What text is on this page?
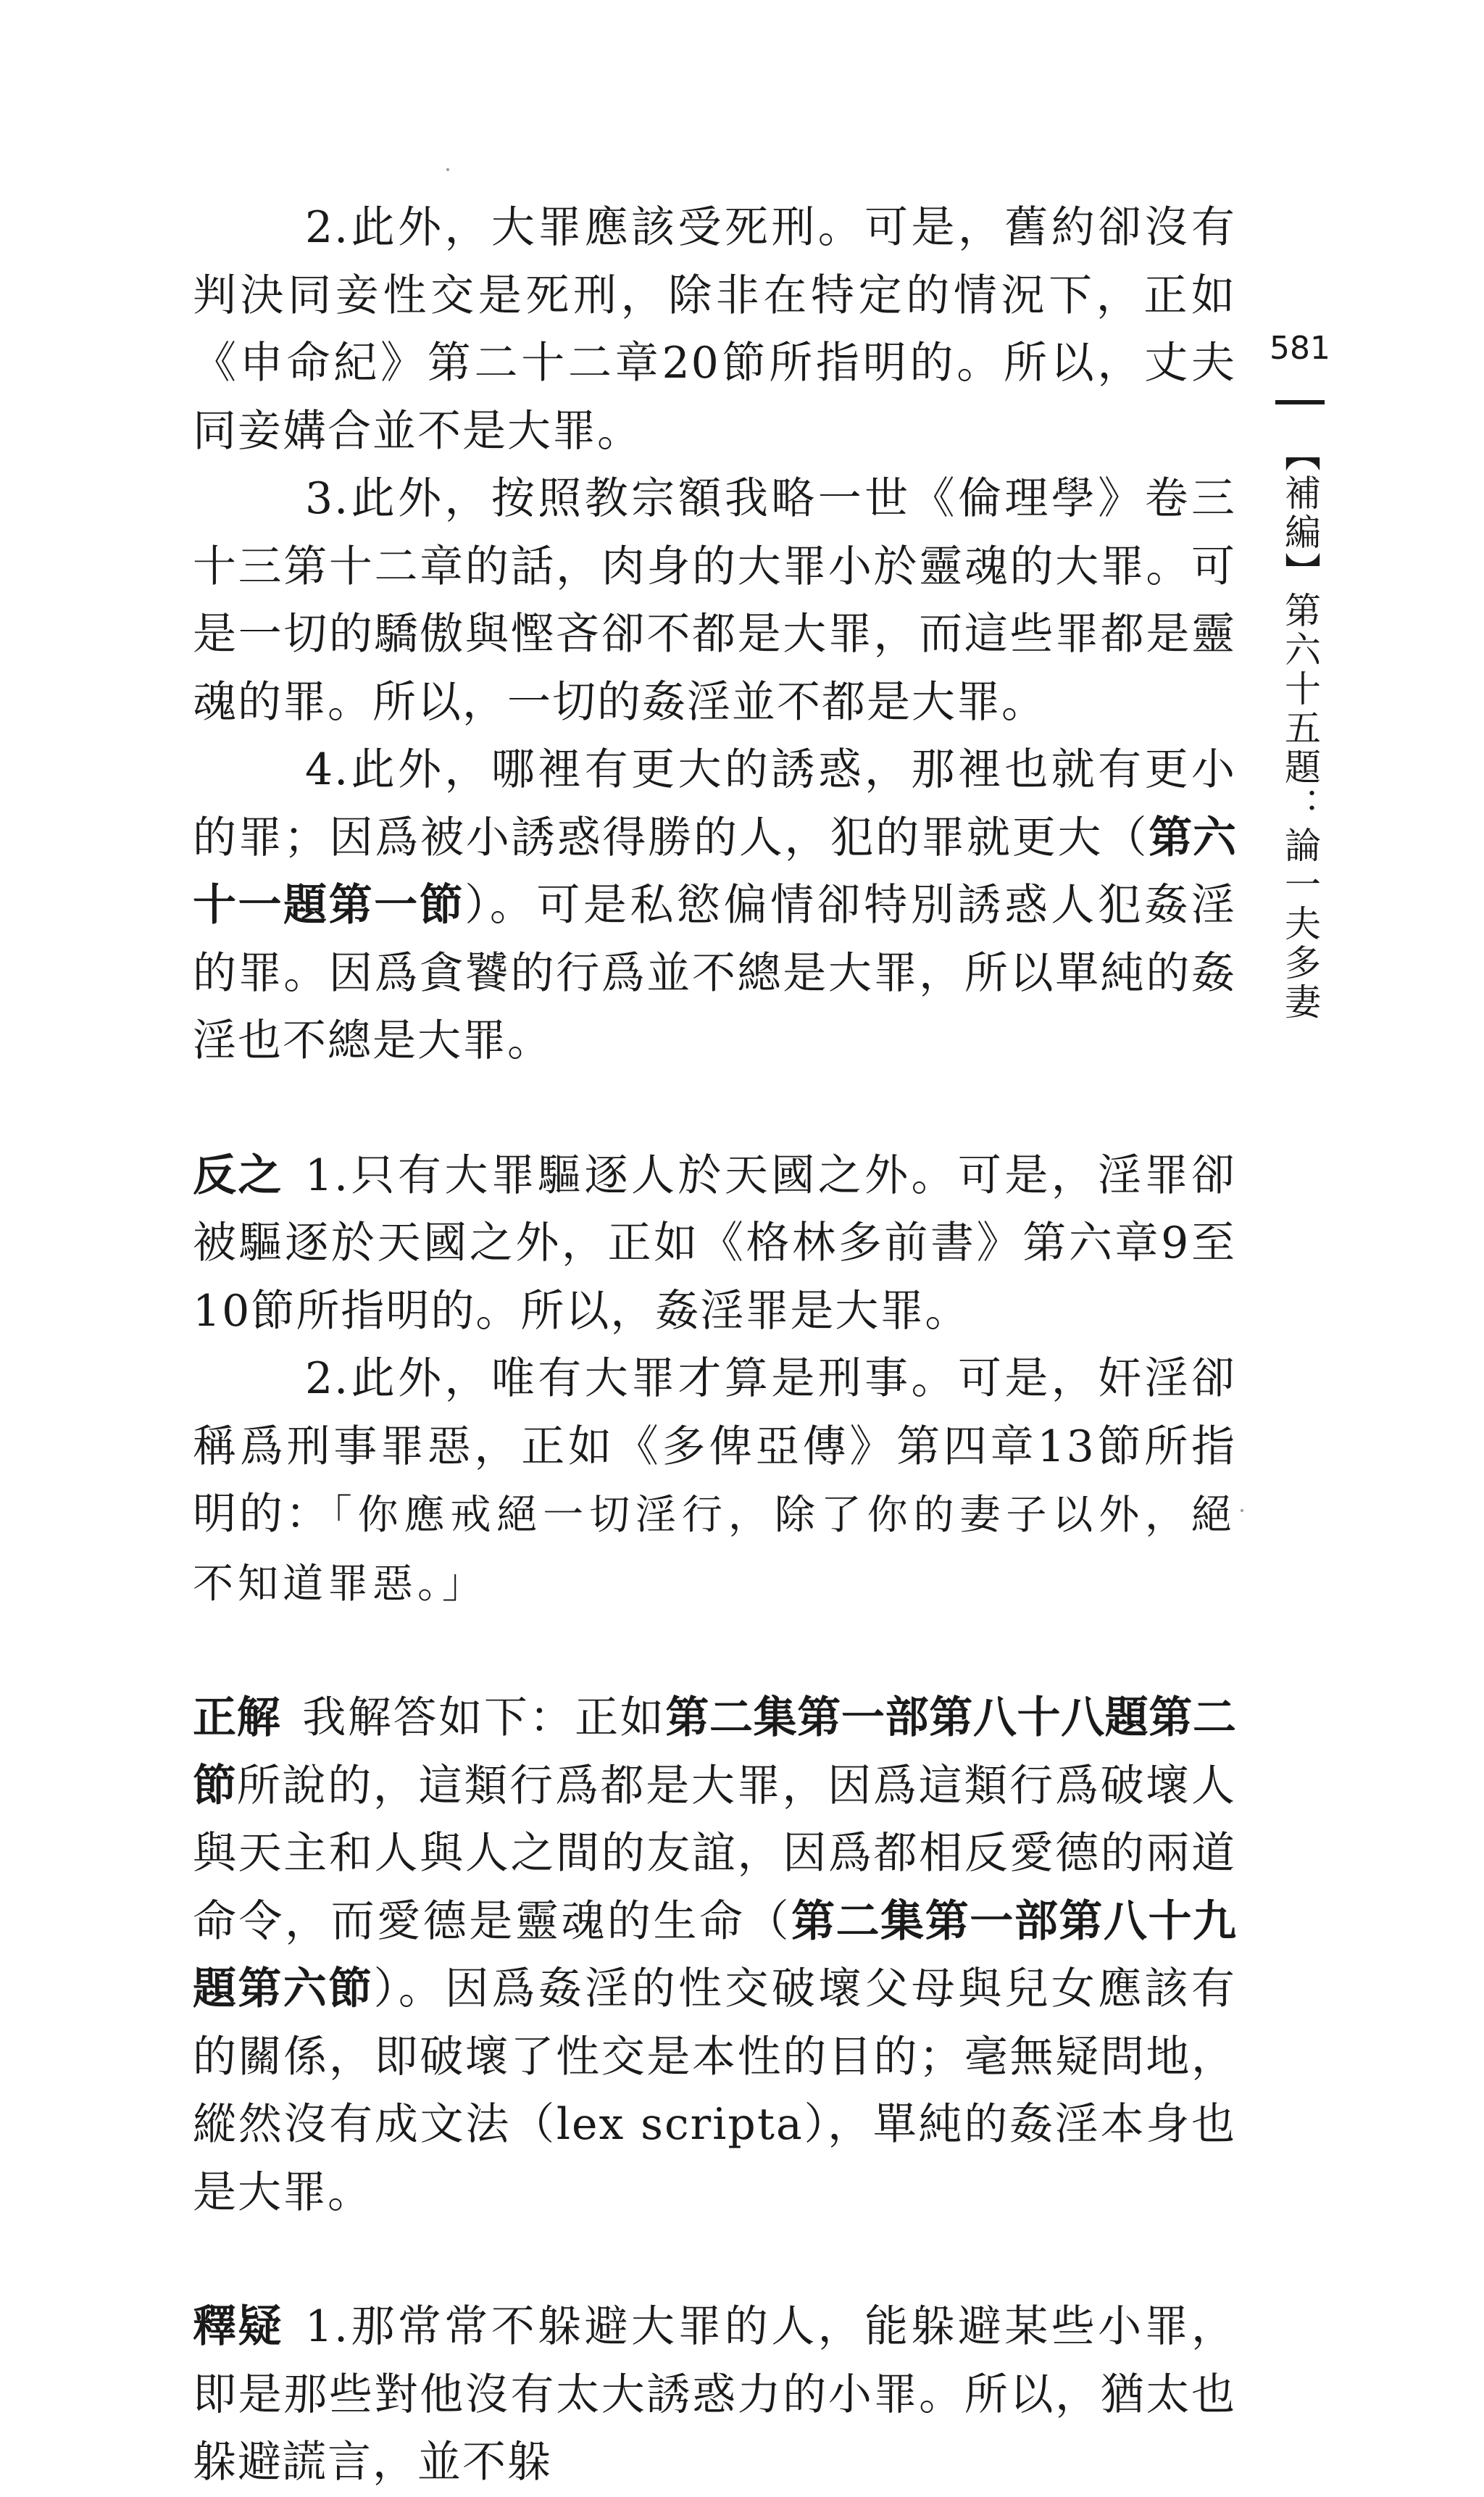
2.此外，大罪應該受死刑。可是，舊約卻沒有判決同妾性交是死刑，除非在特定的情況下，正如《申命紀》第二十二章20節所指明的。所以，丈夫同妾媾合並不是大罪。

3.此外，按照教宗額我略一世《倫理學》卷三十三第十二章的話，肉身的大罪小於靈魂的大罪。可是一切的驕傲與慳吝卻不都是大罪，而這些罪都是靈魂的罪。所以，一切的姦淫並不都是大罪。

4.此外，哪裡有更大的誘惑，那裡也就有更小的罪；因爲被小誘惑得勝的人，犯的罪就更大（第六十一題第一節）。可是私慾偏情卻特別誘惑人犯姦淫的罪。因爲貪饕的行爲並不總是大罪，所以單純的姦淫也不總是大罪。

反之 1.只有大罪驅逐人於天國之外。可是，淫罪卻被驅逐於天國之外，正如《格林多前書》第六章9至10節所指明的。所以，姦淫罪是大罪。

2.此外，唯有大罪才算是刑事。可是，奸淫卻稱爲刑事罪惡，正如《多俾亞傳》第四章13節所指明的：「你應戒絕一切淫行，除了你的妻子以外，絕不知道罪惡。」

正解 我解答如下：正如第二集第一部第八十八題第二節所說的，這類行爲都是大罪，因爲這類行爲破壞人與天主和人與人之間的友誼，因爲都相反愛德的兩道命令，而愛德是靈魂的生命（第二集第一部第八十九題第六節）。因爲姦淫的性交破壞父母與兒女應該有的關係，即破壞了性交是本性的目的；毫無疑問地，縱然沒有成文法（lex scripta），單純的姦淫本身也是大罪。

釋疑 1.那常常不躲避大罪的人，能躲避某些小罪，即是那些對他沒有太大誘惑力的小罪。所以，猶太也躲避謊言，並不躲

581
【補編】第六十五題：論一夫多妻
